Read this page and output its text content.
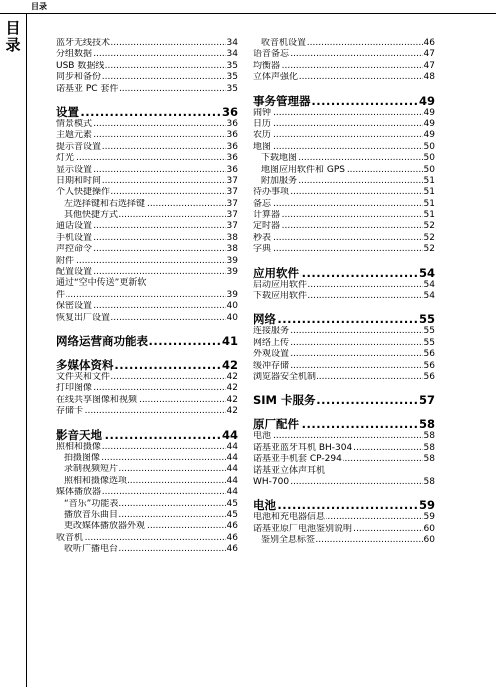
目录
目录 .....	蓝牙无线技术	34
.....
分组数据	34
.....
USB 数据线	35
.....
同步和备份	35
.....
诺基亚 PC 套件	35
.....
设置	36
.....
情景模式	36
.....
主题元素	36
.....
提示音设置	36
.....
灯光	36
.....
显示设置	36
.....
日期和时间	37
.....
个人快捷操作	37
.....
左选择键和右选择键	37
.....
其他快捷方式	37
.....
通话设置	37
.....
手机设置	38
.....
声控命令	38
.....
附件	39
.....
配置设置	39
通过“空中传送”更新软
.....
件	39
.....
保密设置	40
.....
恢复出厂设置	40
.....
网络运营商功能表	41
.....
多媒体资料	42
.....
文件夹和文件	42
.....
打印图像	42
.....
在线共享图像和视频	42
.....
存储卡	42
.....
影音天地	44
.....
照相和摄像	44
.....
拍摄图像	44
.....
录制视频短片	44
.....
照相和摄像选项	44
.....
媒体播放器	44
.....
“音乐”功能表	45
.....
播放音乐曲目	45
.....
更改媒体播放器外观	46
.....
收音机	46
.....
收听广播电台	46
.....
收音机设置	46
.....
语音备忘	47
.....
均衡器	47
.....
立体声强化	48
.....
事务管理器	49
.....
闹钟	49
.....
日历	49
.....
农历	49
.....
地图	50
.....
下载地图	50
.....
地图应用软件和 GPS	50
.....
附加服务	51
.....
待办事项	51
.....
备忘	51
.....
计算器	51
.....
定时器	52
.....
秒表	52
.....
字典	52
.....
应用软件	54
.....
启动应用软件	54
.....
下载应用软件	54
.....
网络	55
.....
连接服务	55
.....
网络上传	55
.....
外观设置	56
.....
缓冲存储	56
.....
浏览器安全机制	56
.....
SIM 卡服务	57
.....
原厂配件	58
.....
电池	58
.....
诺基亚蓝牙耳机 BH-304	58
.....
诺基亚手机套 CP-294	58
诺基亚立体声耳机
.....
WH-700	58
.....
电池	59
.....
电池和充电器信息	59
.....
诺基亚原厂电池鉴别说明	60
.....
鉴别全息标签	60
